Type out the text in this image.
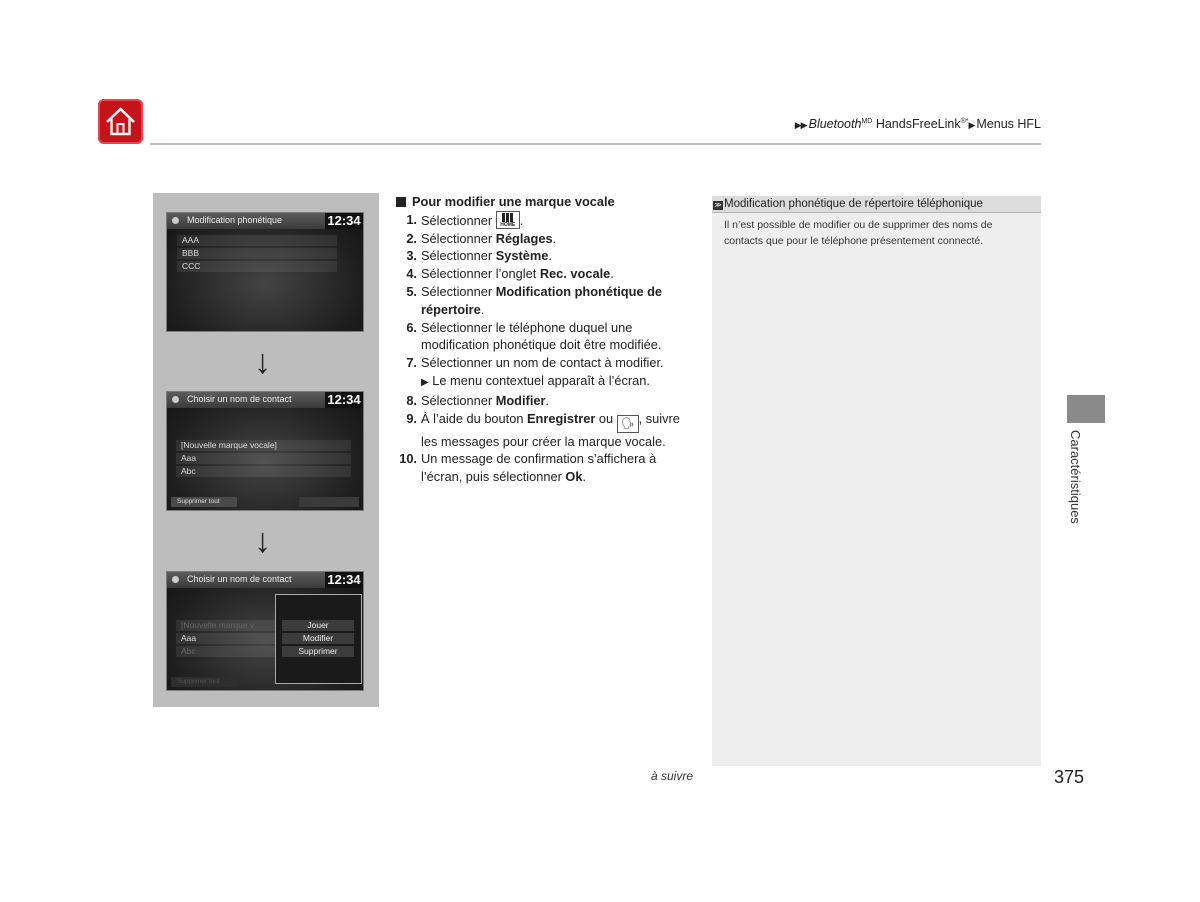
▶▶ Bluetooth$^{MD}$ HandsFreeLink®*▶ Menus HFL
Modification phonétique	12:34
AAA
BBB
CCC
↓
Choisir un nom de contact	12:34
[Nouvelle marque vocale]
Aaa
Abc
Supprimer tout
↓
Choisir un nom de contact	12:34
[Nouvelle marque v
Aaa
Abc
Supprimer tout
Jouer
Modifier
Supprimer
Pour modifier une marque vocale
1. Sélectionner	HOME .
2. Sélectionner Réglages.
3. Sélectionner Système.
4. Sélectionner l’onglet Rec. vocale.
5. Sélectionner Modification phonétique de répertoire.
6. Sélectionner le téléphone duquel une modification phonétique doit être modifiée.
7. Sélectionner un nom de contact à modifier.
▶ Le menu contextuel apparaît à l’écran.
8. Sélectionner Modifier.
9. À l’aide du bouton Enregistrer ou 🗣 , suivre les messages pour créer la marque vocale.
10. Un message de confirmation s’affichera à l’écran, puis sélectionner Ok.
≫ Modification phonétique de répertoire téléphonique
Il n’est possible de modifier ou de supprimer des noms de contacts que pour le téléphone présentement connecté.
Caractéristiques
à suivre	375
